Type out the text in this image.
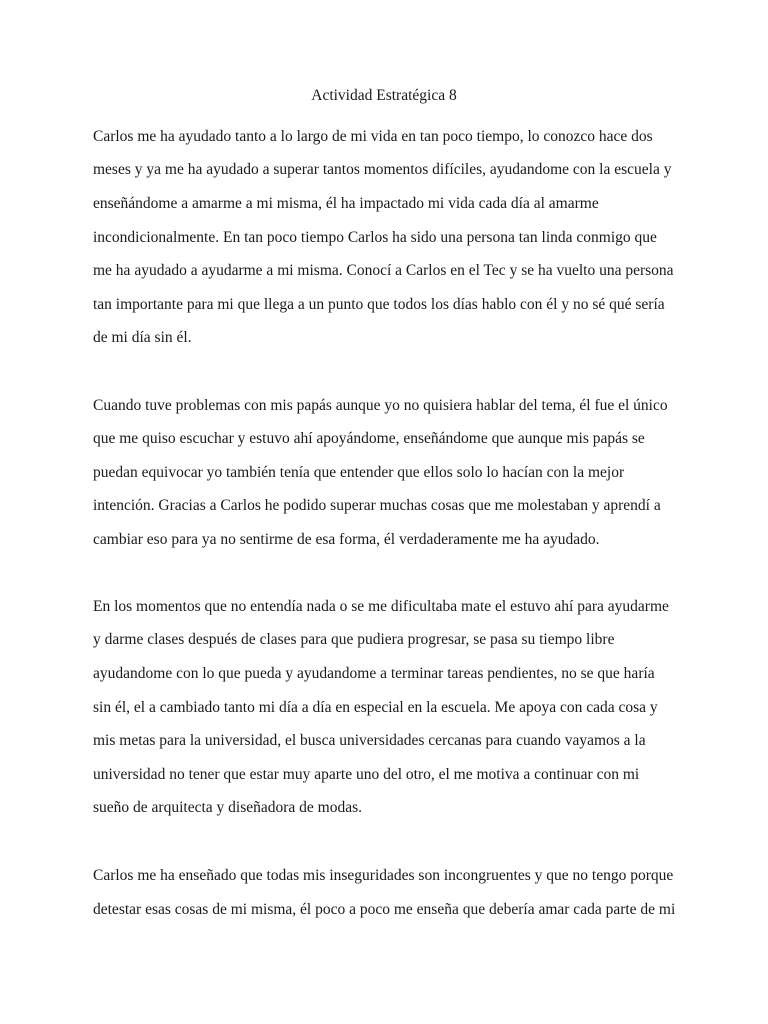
Actividad Estratégica 8
Carlos me ha ayudado tanto a lo largo de mi vida en tan poco tiempo, lo conozco hace dos
meses y ya me ha ayudado a superar tantos momentos difíciles, ayudandome con la escuela y
enseñándome a amarme a mi misma, él ha impactado mi vida cada día al amarme
incondicionalmente. En tan poco tiempo Carlos ha sido una persona tan linda conmigo que
me ha ayudado a ayudarme a mi misma. Conocí a Carlos en el Tec y se ha vuelto una persona
tan importante para mi que llega a un punto que todos los días hablo con él y no sé qué sería
de mi día sin él.
Cuando tuve problemas con mis papás aunque yo no quisiera hablar del tema, él fue el único
que me quiso escuchar y estuvo ahí apoyándome, enseñándome que aunque mis papás se
puedan equivocar yo también tenía que entender que ellos solo lo hacían con la mejor
intención. Gracias a Carlos he podido superar muchas cosas que me molestaban y aprendí a
cambiar eso para ya no sentirme de esa forma, él verdaderamente me ha ayudado.
En los momentos que no entendía nada o se me dificultaba mate el estuvo ahí para ayudarme
y darme clases después de clases para que pudiera progresar, se pasa su tiempo libre
ayudandome con lo que pueda y ayudandome a terminar tareas pendientes, no se que haría
sin él, el a cambiado tanto mi día a día en especial en la escuela. Me apoya con cada cosa y
mis metas para la universidad, el busca universidades cercanas para cuando vayamos a la
universidad no tener que estar muy aparte uno del otro, el me motiva a continuar con mi
sueño de arquitecta y diseñadora de modas.
Carlos me ha enseñado que todas mis inseguridades son incongruentes y que no tengo porque
detestar esas cosas de mi misma, él poco a poco me enseña que debería amar cada parte de mi
